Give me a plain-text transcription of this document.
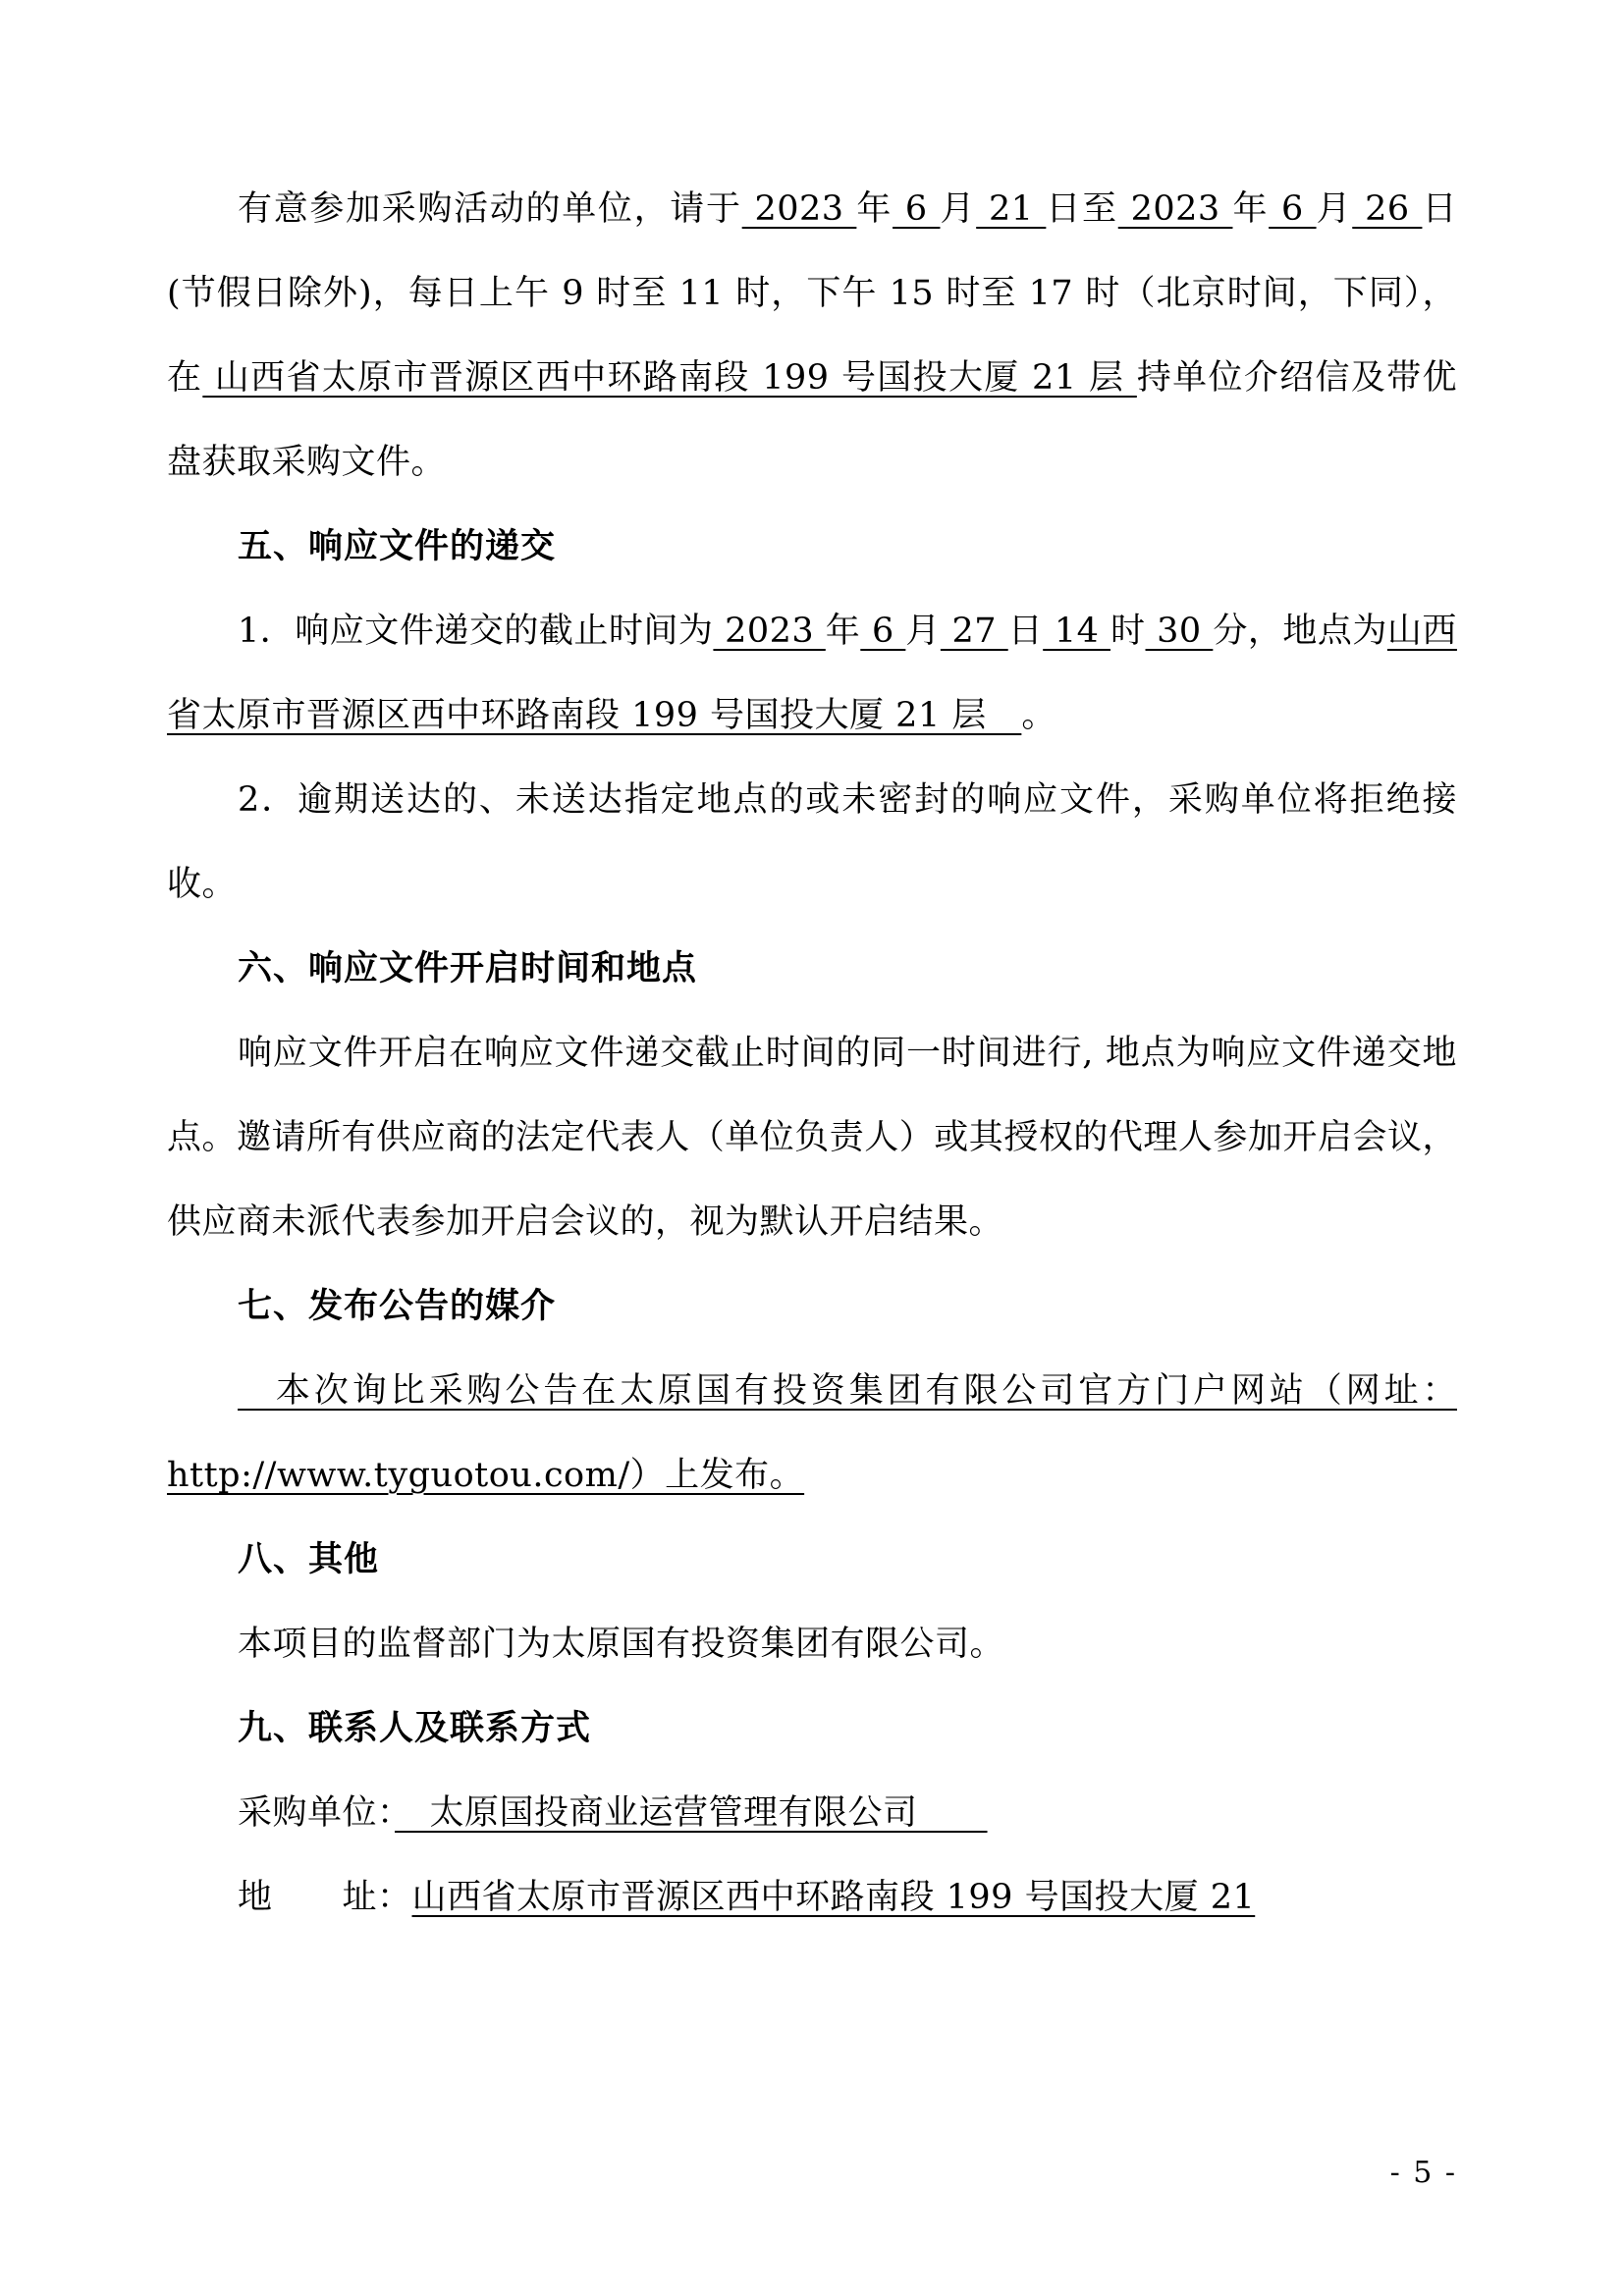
有意参加采购活动的单位，请于 2023 年 6 月 21 日至 2023 年 6 月 26 日(节假日除外)，每日上午 9 时至 11 时，下午 15 时至 17 时（北京时间，下同），在 山西省太原市晋源区西中环路南段 199 号国投大厦 21 层 持单位介绍信及带优盘获取采购文件。

五、响应文件的递交

1．响应文件递交的截止时间为 2023 年 6 月 27 日 14 时 30 分，地点为山西省太原市晋源区西中环路南段 199 号国投大厦 21 层　。

2．逾期送达的、未送达指定地点的或未密封的响应文件，采购单位将拒绝接收。

六、响应文件开启时间和地点

响应文件开启在响应文件递交截止时间的同一时间进行, 地点为响应文件递交地点。邀请所有供应商的法定代表人（单位负责人）或其授权的代理人参加开启会议，供应商未派代表参加开启会议的，视为默认开启结果。

七、发布公告的媒介

　本次询比采购公告在太原国有投资集团有限公司官方门户网站（网址：http://www.tyguotou.com/）上发布。

八、其他

本项目的监督部门为太原国有投资集团有限公司。

九、联系人及联系方式

采购单位：　太原国投商业运营管理有限公司　　

地　　址：山西省太原市晋源区西中环路南段 199 号国投大厦 21

- 5 -
